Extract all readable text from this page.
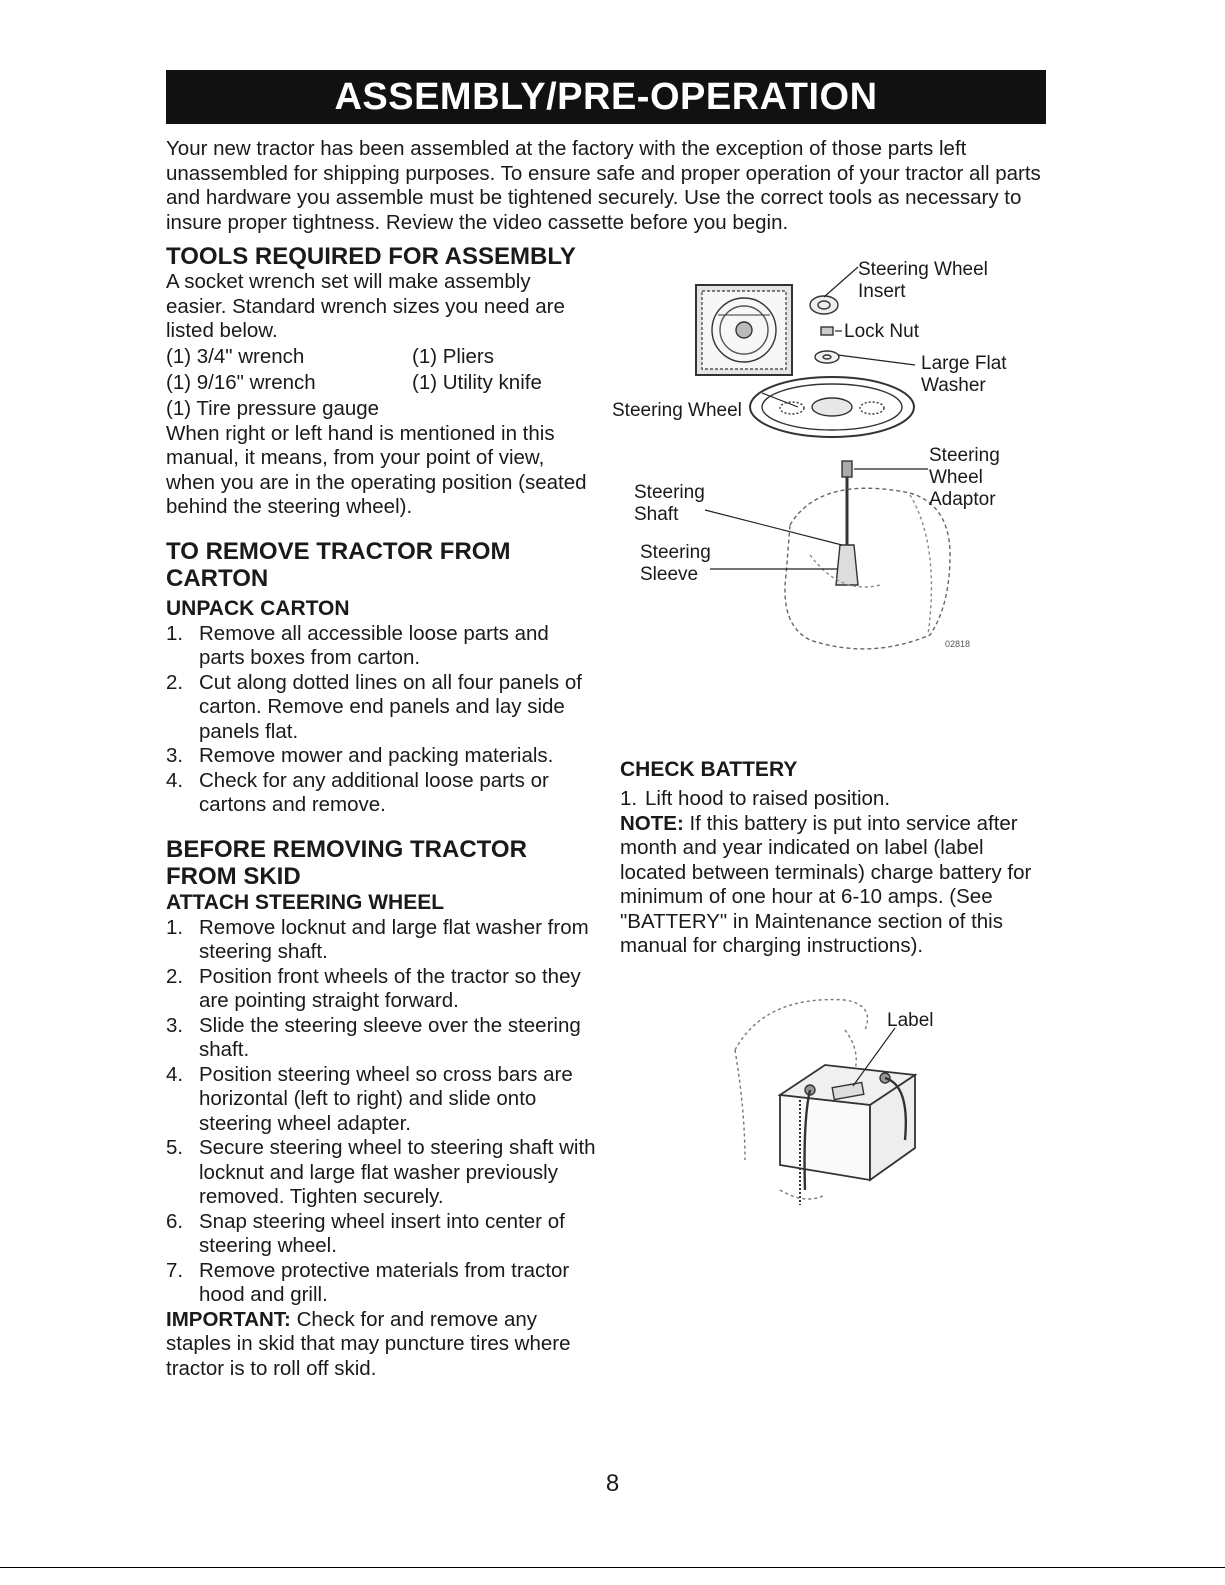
ASSEMBLY/PRE-OPERATION

Your new tractor has been assembled at the factory with the exception of those parts left unassembled for shipping purposes. To ensure safe and proper operation of your tractor all parts and hardware you assemble must be tightened securely. Use the correct tools as necessary to insure proper tightness. Review the video cassette before you begin.

TOOLS REQUIRED FOR ASSEMBLY

A socket wrench set will make assembly easier. Standard wrench sizes you need are listed below.

(1) 3/4" wrench	(1) Pliers
(1) 9/16" wrench	(1) Utility knife
(1) Tire pressure gauge

When right or left hand is mentioned in this manual, it means, from your point of view, when you are in the operating position (seated behind the steering wheel).

TO REMOVE TRACTOR FROM
CARTON
UNPACK CARTON
1. Remove all accessible loose parts and parts boxes from carton.
2. Cut along dotted lines on all four panels of carton. Remove end panels and lay side panels flat.
3. Remove mower and packing materials.
4. Check for any additional loose parts or cartons and remove.
BEFORE REMOVING TRACTOR
FROM SKID
ATTACH STEERING WHEEL
1. Remove locknut and large flat washer from steering shaft.
2. Position front wheels of the tractor so they are pointing straight forward.
3. Slide the steering sleeve over the steering shaft.
4. Position steering wheel so cross bars are horizontal (left to right) and slide onto steering wheel adapter.
5. Secure steering wheel to steering shaft with locknut and large flat washer previously removed. Tighten securely.
6. Snap steering wheel insert into center of steering wheel.
7. Remove protective materials from tractor hood and grill.

IMPORTANT: Check for and remove any staples in skid that may puncture tires where tractor is to roll off skid.

02818
Steering Wheel
Insert
Lock Nut
Large Flat
Washer
Steering Wheel
Steering
Wheel
Adaptor
Steering
Shaft
Steering
Sleeve
CHECK BATTERY
1. Lift hood to raised position.

NOTE: If this battery is put into service after month and year indicated on label (label located between terminals) charge battery for minimum of one hour at 6-10 amps. (See "BATTERY" in Maintenance section of this manual for charging instructions).

Label
8
